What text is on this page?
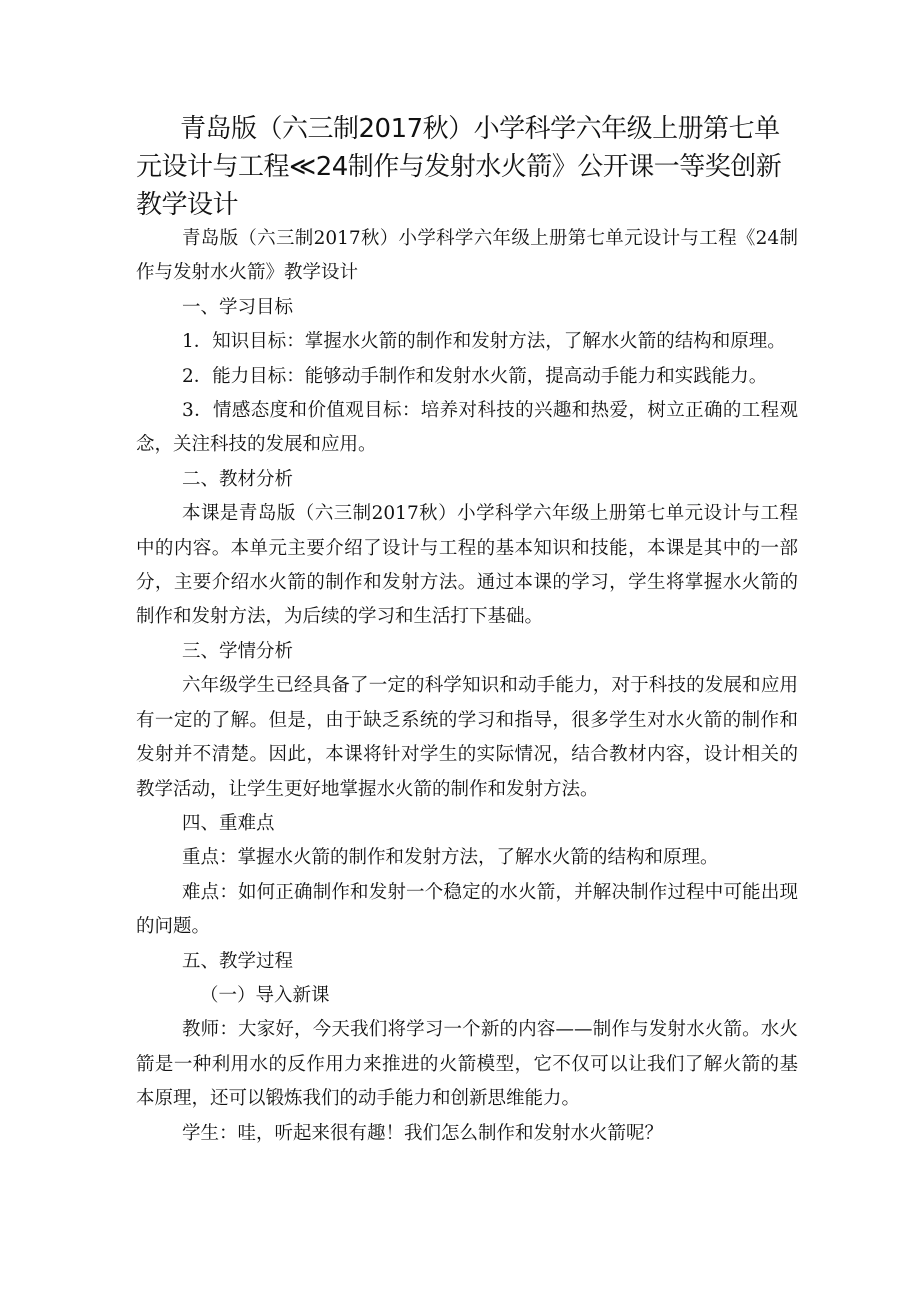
青岛版（六三制2017秋）小学科学六年级上册第七单元设计与工程≪24制作与发射水火箭》公开课一等奖创新教学设计

青岛版（六三制2017秋）小学科学六年级上册第七单元设计与工程《24制作与发射水火箭》教学设计

一、学习目标

1．知识目标：掌握水火箭的制作和发射方法，了解水火箭的结构和原理。

2．能力目标：能够动手制作和发射水火箭，提高动手能力和实践能力。

3．情感态度和价值观目标：培养对科技的兴趣和热爱，树立正确的工程观念，关注科技的发展和应用。

二、教材分析

本课是青岛版（六三制2017秋）小学科学六年级上册第七单元设计与工程中的内容。本单元主要介绍了设计与工程的基本知识和技能，本课是其中的一部分，主要介绍水火箭的制作和发射方法。通过本课的学习，学生将掌握水火箭的制作和发射方法，为后续的学习和生活打下基础。

三、学情分析

六年级学生已经具备了一定的科学知识和动手能力，对于科技的发展和应用有一定的了解。但是，由于缺乏系统的学习和指导，很多学生对水火箭的制作和发射并不清楚。因此，本课将针对学生的实际情况，结合教材内容，设计相关的教学活动，让学生更好地掌握水火箭的制作和发射方法。

四、重难点

重点：掌握水火箭的制作和发射方法，了解水火箭的结构和原理。

难点：如何正确制作和发射一个稳定的水火箭，并解决制作过程中可能出现的问题。

五、教学过程

（一）导入新课

教师：大家好，今天我们将学习一个新的内容——制作与发射水火箭。水火箭是一种利用水的反作用力来推进的火箭模型，它不仅可以让我们了解火箭的基本原理，还可以锻炼我们的动手能力和创新思维能力。

学生：哇，听起来很有趣！我们怎么制作和发射水火箭呢？
